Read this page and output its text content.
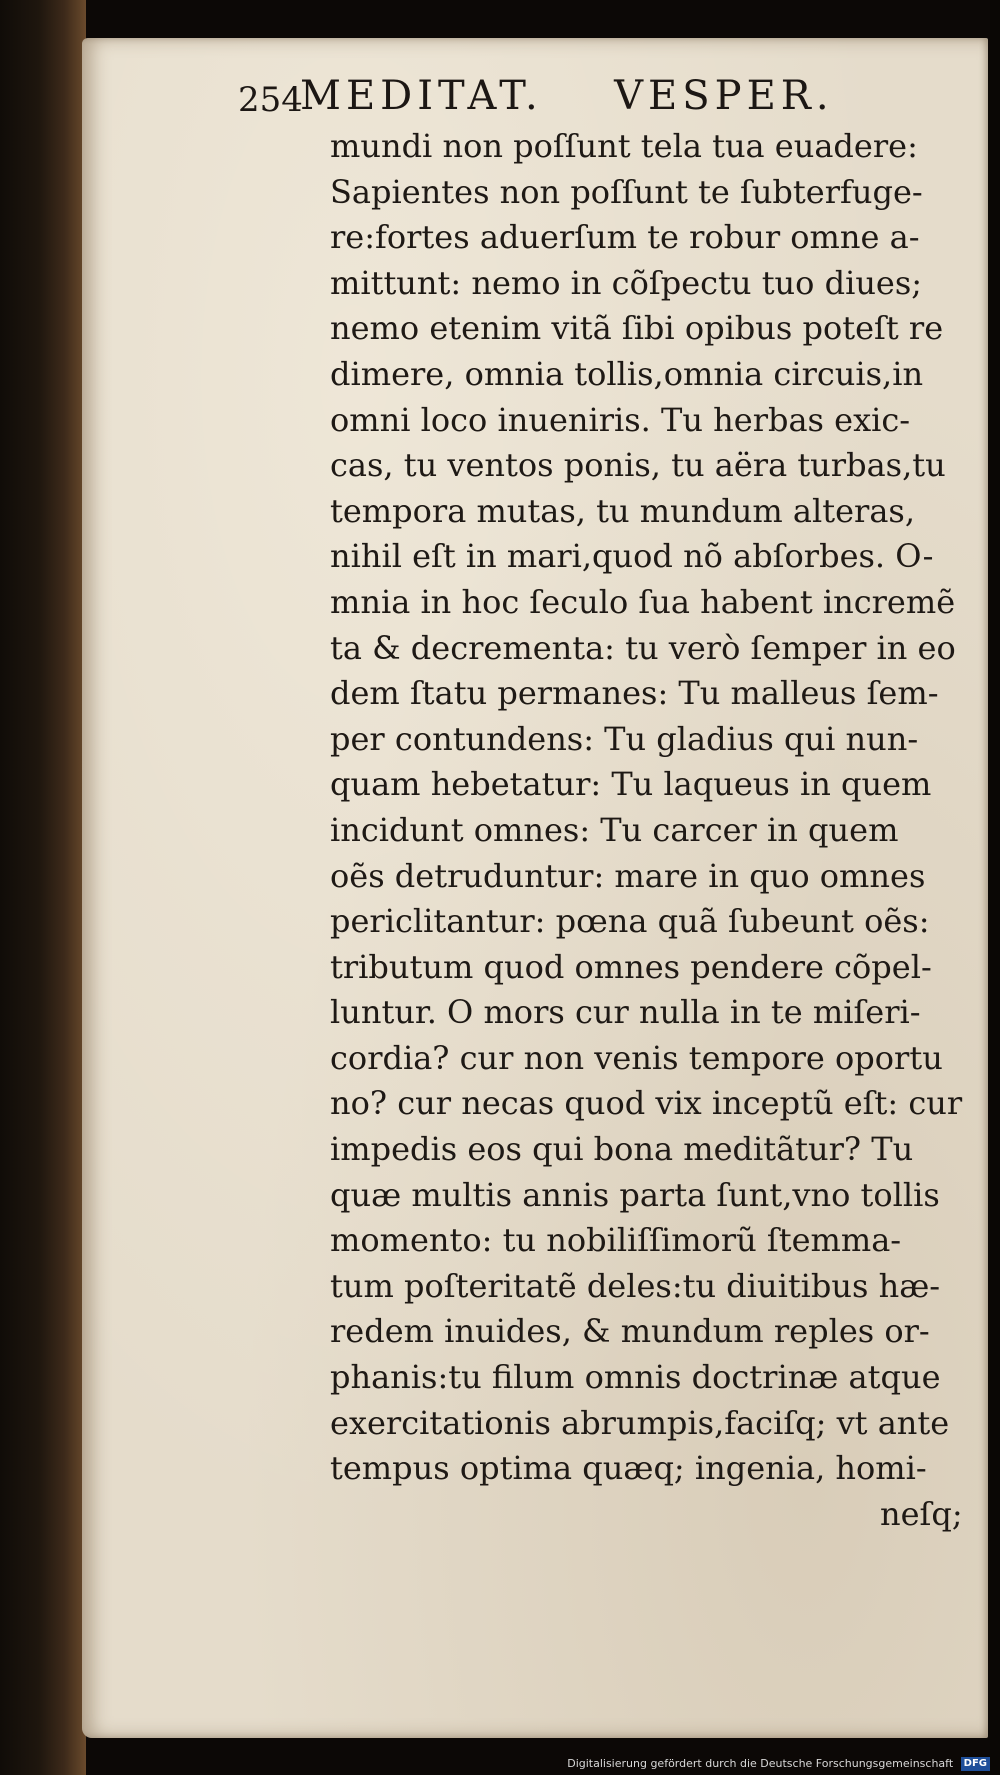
254
MEDITAT.  VESPER.
mundi non poſſunt tela tua euadere:
Sapientes non poſſunt te ſubterfuge-
re:fortes aduerſum te robur omne a-
mittunt: nemo in cõſpectu tuo diues;
nemo etenim vitã ſibi opibus poteſt re
dimere, omnia tollis,omnia circuis,in
omni loco inueniris. Tu herbas exic-
cas, tu ventos ponis, tu aëra turbas,tu
tempora mutas, tu mundum alteras,
nihil eſt in mari,quod nõ abſorbes. O-
mnia in hoc ſeculo ſua habent incremẽ
ta & decrementa: tu verò ſemper in eo
dem ſtatu permanes: Tu malleus ſem-
per contundens: Tu gladius qui nun-
quam hebetatur: Tu laqueus in quem
incidunt omnes: Tu carcer in quem
oẽs detruduntur: mare in quo omnes
periclitantur: pœna quã ſubeunt oẽs:
tributum quod omnes pendere cõpel-
luntur. O mors cur nulla in te miſeri-
cordia? cur non venis tempore oportu
no? cur necas quod vix inceptũ eſt: cur
impedis eos qui bona meditãtur? Tu
quæ multis annis parta ſunt,vno tollis
momento: tu nobiliſſimorũ ſtemma-
tum poſteritatẽ deles:tu diuitibus hæ-
redem inuides, & mundum reples or-
phanis:tu filum omnis doctrinæ atque
exercitationis abrumpis,faciſq; vt ante
tempus optima quæq; ingenia, homi-
neſq;
Digitalisierung gefördert durch die Deutsche Forschungsgemeinschaft DFG
